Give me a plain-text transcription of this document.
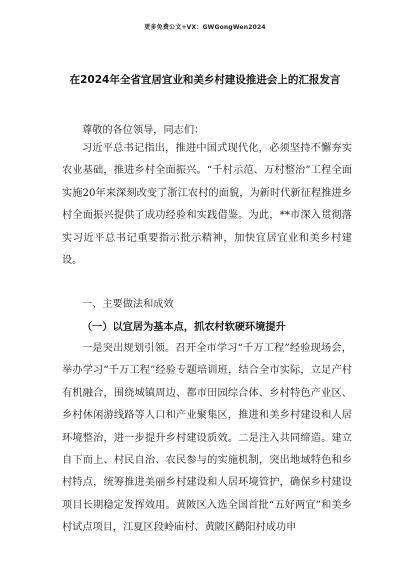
更多免费公文+VX：GWGongWen2024
在2024年全省宜居宜业和美乡村建设推进会上的汇报发言
尊敬的各位领导，同志们：
习近平总书记指出，推进中国式现代化，必须坚持不懈夯实农业基础，推进乡村全面振兴。“千村示范、万村整治”工程全面实施20年来深刻改变了浙江农村的面貌，为新时代新征程推进乡村全面振兴提供了成功经验和实践借鉴。为此，**市深入贯彻落实习近平总书记重要指示批示精神，加快宜居宜业和美乡村建设。
一、主要做法和成效
（一）以宜居为基本点，抓农村软硬环境提升
一是突出规划引领。召开全市学习“千万工程”经验现场会，举办学习“千万工程”经验专题培训班，结合全市实际，立足产村有机融合，围绕城镇周边、都市田园综合体、乡村特色产业区、乡村休闲游线路等人口和产业聚集区，推进和美乡村建设和人居环境整治，进一步提升乡村建设质效。二是注入共同缔造。建立自下而上、村民自治、农民参与的实施机制，突出地域特色和乡村特点，统筹推进美丽乡村建设和人居环境管护，确保乡村建设项目长期稳定发挥效用。黄陂区入选全国首批“五好两宜”和美乡村试点项目，江夏区段岭庙村、黄陂区鹳阳村成功申
